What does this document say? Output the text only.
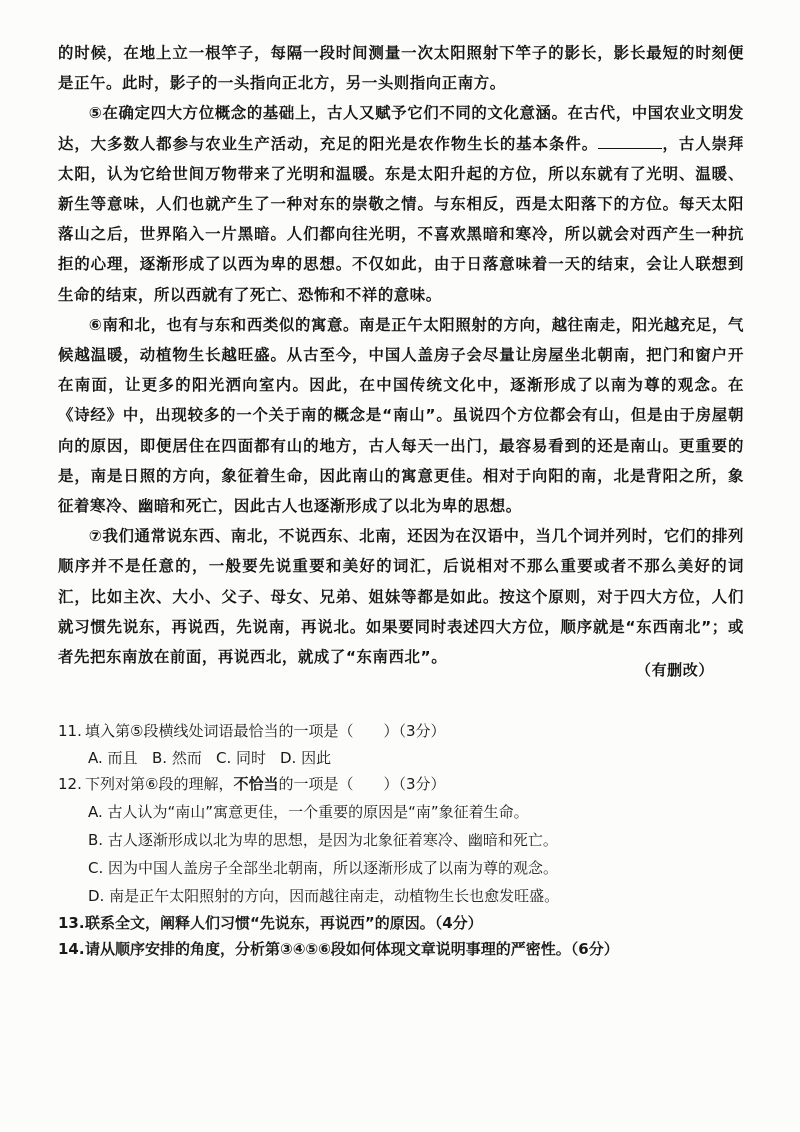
的时候，在地上立一根竿子，每隔一段时间测量一次太阳照射下竿子的影长，影长最短的时刻便是正午。此时，影子的一头指向正北方，另一头则指向正南方。

⑤在确定四大方位概念的基础上，古人又赋予它们不同的文化意涵。在古代，中国农业文明发达，大多数人都参与农业生产活动，充足的阳光是农作物生长的基本条件。	，古人崇拜太阳，认为它给世间万物带来了光明和温暖。东是太阳升起的方位，所以东就有了光明、温暖、新生等意味，人们也就产生了一种对东的崇敬之情。与东相反，西是太阳落下的方位。每天太阳落山之后，世界陷入一片黑暗。人们都向往光明，不喜欢黑暗和寒冷，所以就会对西产生一种抗拒的心理，逐渐形成了以西为卑的思想。不仅如此，由于日落意味着一天的结束，会让人联想到生命的结束，所以西就有了死亡、恐怖和不祥的意味。

⑥南和北，也有与东和西类似的寓意。南是正午太阳照射的方向，越往南走，阳光越充足，气候越温暖，动植物生长越旺盛。从古至今，中国人盖房子会尽量让房屋坐北朝南，把门和窗户开在南面，让更多的阳光洒向室内。因此，在中国传统文化中，逐渐形成了以南为尊的观念。在《诗经》中，出现较多的一个关于南的概念是“南山”。虽说四个方位都会有山，但是由于房屋朝向的原因，即便居住在四面都有山的地方，古人每天一出门，最容易看到的还是南山。更重要的是，南是日照的方向，象征着生命，因此南山的寓意更佳。相对于向阳的南，北是背阳之所，象征着寒冷、幽暗和死亡，因此古人也逐渐形成了以北为卑的思想。

⑦我们通常说东西、南北，不说西东、北南，还因为在汉语中，当几个词并列时，它们的排列顺序并不是任意的，一般要先说重要和美好的词汇，后说相对不那么重要或者不那么美好的词汇，比如主次、大小、父子、母女、兄弟、姐妹等都是如此。按这个原则，对于四大方位，人们就习惯先说东，再说西，先说南，再说北。如果要同时表述四大方位，顺序就是“东西南北”；或者先把东南放在前面，再说西北，就成了“东南西北”。

（有删改）
11. 填入第⑤段横线处词语最恰当的一项是（　　）（3分）
A. 而且 B. 然而 C. 同时 D. 因此
12. 下列对第⑥段的理解，不恰当的一项是（　　）（3分）
A. 古人认为“南山”寓意更佳，一个重要的原因是“南”象征着生命。
B. 古人逐渐形成以北为卑的思想，是因为北象征着寒冷、幽暗和死亡。
C. 因为中国人盖房子全部坐北朝南，所以逐渐形成了以南为尊的观念。
D. 南是正午太阳照射的方向，因而越往南走，动植物生长也愈发旺盛。
13.联系全文，阐释人们习惯“先说东，再说西”的原因。（4分）
14.请从顺序安排的角度，分析第③④⑤⑥段如何体现文章说明事理的严密性。（6分）
